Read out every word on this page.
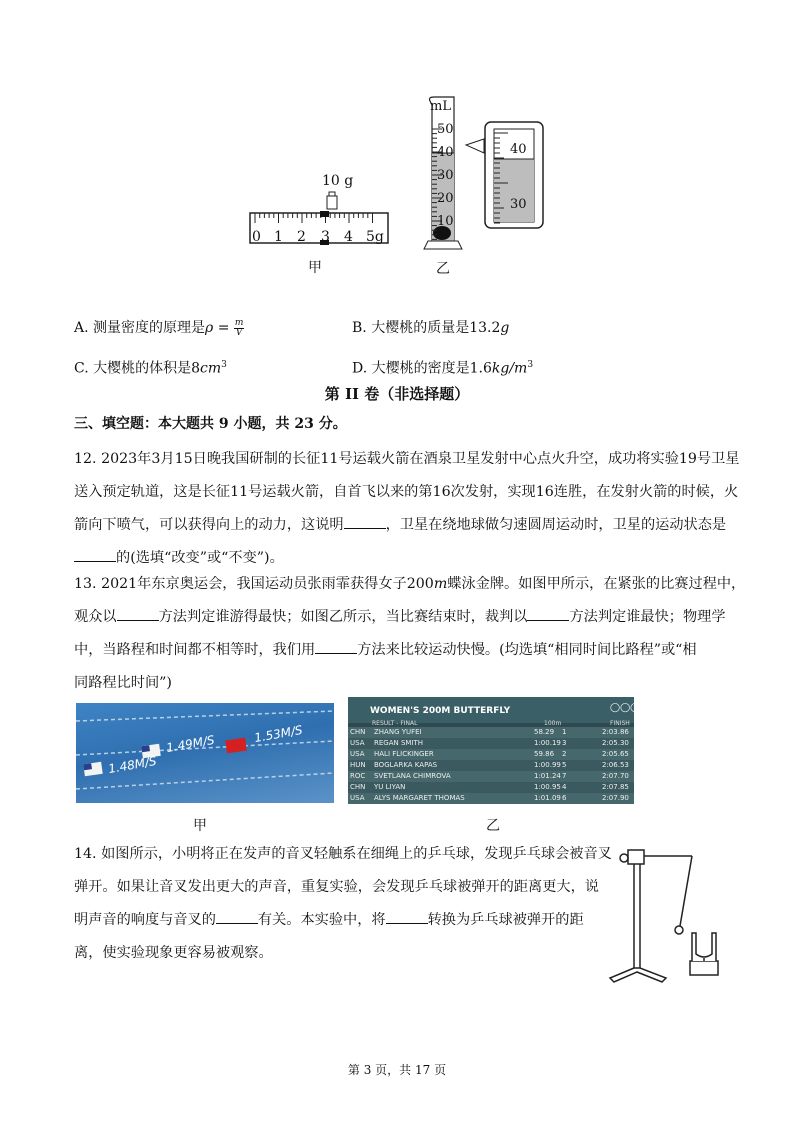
10 g
0 1 2 3 4 5g
甲
mL
50
40
30
20
10
40
30
乙
A. 测量密度的原理是$\rho = \frac{m}{V}$	B. 大樱桃的质量是13.2g
C. 大樱桃的体积是$8cm^3$	D. 大樱桃的密度是$1.6kg/m^3$
第 II 卷（非选择题）
三、填空题：本大题共 9 小题，共 23 分。

12. 2023年3月15日晚我国研制的长征11号运载火箭在酒泉卫星发射中心点火升空，成功将实验19号卫星

送入预定轨道，这是长征11号运载火箭，自首飞以来的第16次发射，实现16连胜，在发射火箭的时候，火

箭向下喷气，可以获得向上的动力，这说明	，卫星在绕地球做匀速圆周运动时，卫星的运动状态是

的(选填“改变”或“不变”)。

13. 2021年东京奥运会，我国运动员张雨霏获得女子200m蝶泳金牌。如图甲所示，在紧张的比赛过程中，

观众以	方法判定谁游得最快；如图乙所示，当比赛结束时，裁判以	方法判定谁最快；物理学

中，当路程和时间都不相等时，我们用	方法来比较运动快慢。(均选填“相同时间比路程”或“相

同路程比时间”)

1.53M/S
1.49M/S
1.48M/S
甲
WOMEN'S 200M BUTTERFLY	◯◯◯
RESULT - FINAL	100m	FINISH
CHN ZHANG YUFEI	58.29 1	2:03.86
USA REGAN SMITH	1:00.19 3	2:05.30
USA HALI FLICKINGER	59.86 2	2:05.65
HUN BOGLARKA KAPAS	1:00.99 5	2:06.53
ROC SVETLANA CHIMROVA	1:01.24 7	2:07.70
CHN YU LIYAN	1:00.95 4	2:07.85
USA ALYS MARGARET THOMAS	1:01.09 6	2:07.90
乙

14. 如图所示，小明将正在发声的音叉轻触系在细绳上的乒乓球，发现乒乓球会被音叉

弹开。如果让音叉发出更大的声音，重复实验，会发现乒乓球被弹开的距离更大，说

明声音的响度与音叉的	有关。本实验中，将	转换为乒乓球被弹开的距

离，使实验现象更容易被观察。

第 3 页，共 17 页
